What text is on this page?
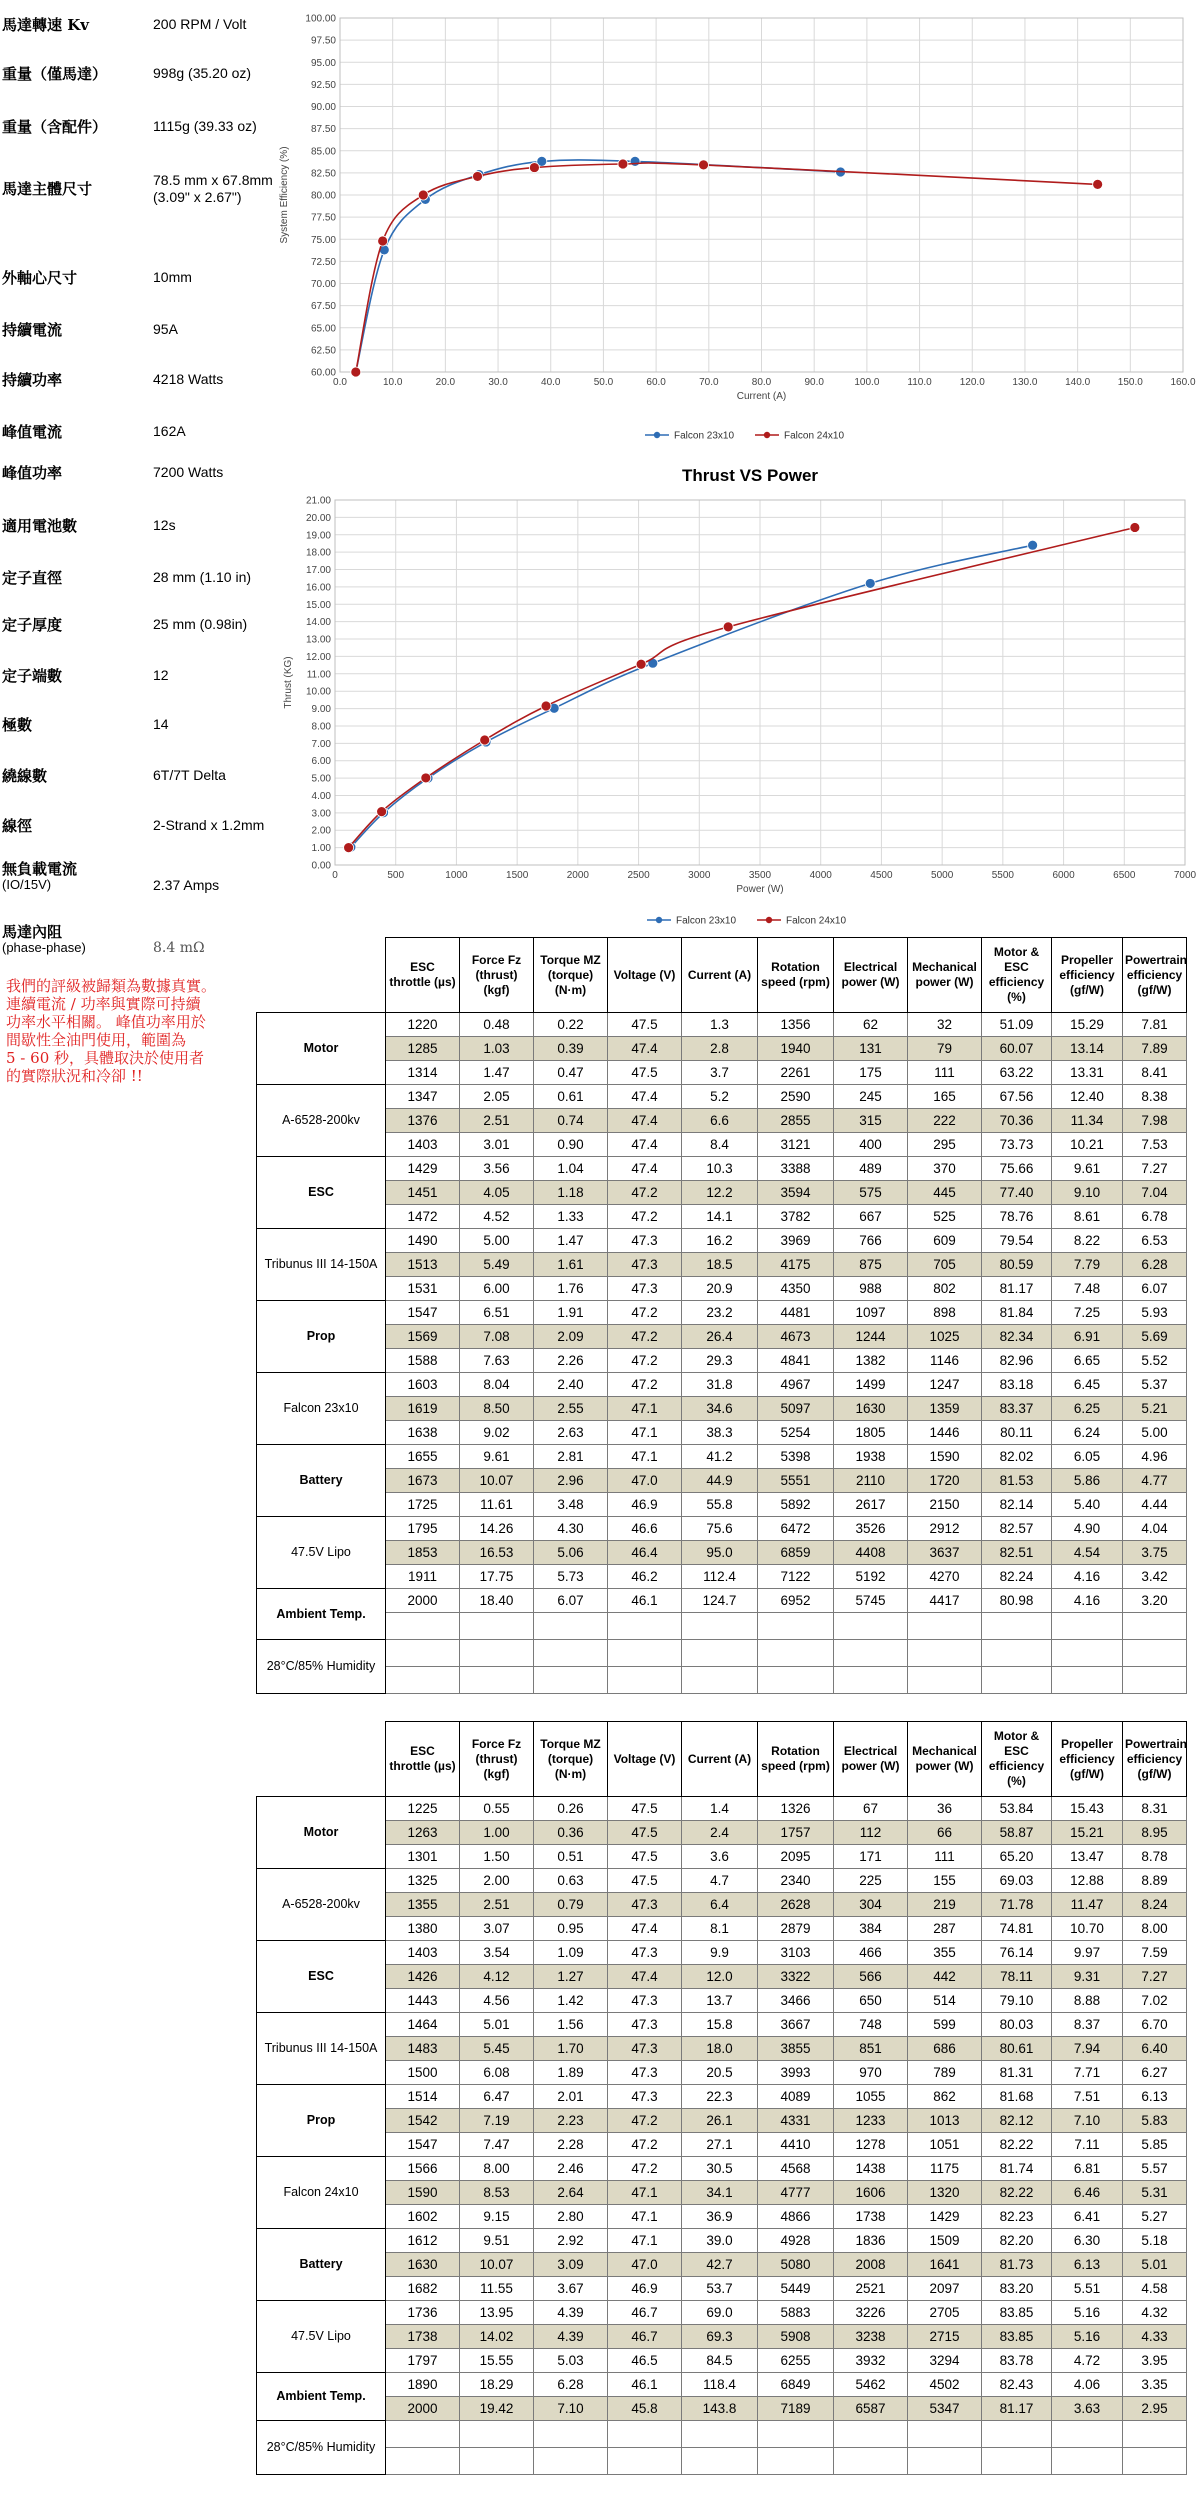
馬達轉速 Kv	200 RPM / Volt
重量（僅馬達）	998g (35.20 oz)
重量（含配件）	1115g (39.33 oz)
馬達主體尺寸	78.5 mm x 67.8mm
(3.09" x 2.67")
外軸心尺寸	10mm
持續電流	95A
持續功率	4218 Watts
峰值電流	162A
峰值功率	7200 Watts
適用電池數	12s
定子直徑	28 mm (1.10 in)
定子厚度	25 mm (0.98in)
定子端數	12
極數	14
繞線數	6T/7T Delta
線徑	2-Strand x 1.2mm
無負載電流
(IO/15V)	2.37 Amps
馬達內阻
(phase-phase)	8.4 mΩ
我們的評級被歸類為數據真實。
連續電流 / 功率與實際可持續
功率水平相關。 峰值功率用於
間歇性全油門使用，範圍為
5 - 60 秒，具體取決於使用者
的實際狀況和冷卻 !!
60.00
62.50
65.00
67.50
70.00
72.50
75.00
77.50
80.00
82.50
85.00
87.50
90.00
92.50
95.00
97.50
100.00
0.0	10.0	20.0	30.0	40.0	50.0	60.0	70.0	80.0	90.0	100.0	110.0	120.0	130.0	140.0	150.0	160.0
Current (A)
System Efficiency (%)
Falcon 23x10	Falcon 24x10
Thrust VS Power
0.00
1.00
2.00
3.00
4.00
5.00
6.00
7.00
8.00
9.00
10.00
11.00
12.00
13.00
14.00
15.00
16.00
17.00
18.00
19.00
20.00
21.00
0	500	1000	1500	2000	2500	3000	3500	4000	4500	5000	5500	6000	6500	7000
Power (W)
Thrust (KG)
Falcon 23x10	Falcon 24x10
	ESC throttle (µs)	Force Fz (thrust) (kgf)	Torque MZ (torque) (N·m)	Voltage (V)	Current (A)	Rotation speed (rpm)	Electrical power (W)	Mechanical power (W)	Motor & ESC efficiency (%)	Propeller efficiency (gf/W)	Powertrain efficiency (gf/W)
Motor	1220	0.48	0.22	47.5	1.3	1356	62	32	51.09	15.29	7.81
	1285	1.03	0.39	47.4	2.8	1940	131	79	60.07	13.14	7.89
	1314	1.47	0.47	47.5	3.7	2261	175	111	63.22	13.31	8.41
A-6528-200kv	1347	2.05	0.61	47.4	5.2	2590	245	165	67.56	12.40	8.38
	1376	2.51	0.74	47.4	6.6	2855	315	222	70.36	11.34	7.98
	1403	3.01	0.90	47.4	8.4	3121	400	295	73.73	10.21	7.53
ESC	1429	3.56	1.04	47.4	10.3	3388	489	370	75.66	9.61	7.27
	1451	4.05	1.18	47.2	12.2	3594	575	445	77.40	9.10	7.04
	1472	4.52	1.33	47.2	14.1	3782	667	525	78.76	8.61	6.78
Tribunus III 14-150A	1490	5.00	1.47	47.3	16.2	3969	766	609	79.54	8.22	6.53
	1513	5.49	1.61	47.3	18.5	4175	875	705	80.59	7.79	6.28
	1531	6.00	1.76	47.3	20.9	4350	988	802	81.17	7.48	6.07
Prop	1547	6.51	1.91	47.2	23.2	4481	1097	898	81.84	7.25	5.93
	1569	7.08	2.09	47.2	26.4	4673	1244	1025	82.34	6.91	5.69
	1588	7.63	2.26	47.2	29.3	4841	1382	1146	82.96	6.65	5.52
Falcon 23x10	1603	8.04	2.40	47.2	31.8	4967	1499	1247	83.18	6.45	5.37
	1619	8.50	2.55	47.1	34.6	5097	1630	1359	83.37	6.25	5.21
	1638	9.02	2.63	47.1	38.3	5254	1805	1446	80.11	6.24	5.00
Battery	1655	9.61	2.81	47.1	41.2	5398	1938	1590	82.02	6.05	4.96
	1673	10.07	2.96	47.0	44.9	5551	2110	1720	81.53	5.86	4.77
	1725	11.61	3.48	46.9	55.8	5892	2617	2150	82.14	5.40	4.44
47.5V Lipo	1795	14.26	4.30	46.6	75.6	6472	3526	2912	82.57	4.90	4.04
	1853	16.53	5.06	46.4	95.0	6859	4408	3637	82.51	4.54	3.75
	1911	17.75	5.73	46.2	112.4	7122	5192	4270	82.24	4.16	3.42
Ambient Temp.	2000	18.40	6.07	46.1	124.7	6952	5745	4417	80.98	4.16	3.20

28°C/85% Humidity											

	ESC throttle (µs)	Force Fz (thrust) (kgf)	Torque MZ (torque) (N·m)	Voltage (V)	Current (A)	Rotation speed (rpm)	Electrical power (W)	Mechanical power (W)	Motor & ESC efficiency (%)	Propeller efficiency (gf/W)	Powertrain efficiency (gf/W)
Motor	1225	0.55	0.26	47.5	1.4	1326	67	36	53.84	15.43	8.31
	1263	1.00	0.36	47.5	2.4	1757	112	66	58.87	15.21	8.95
	1301	1.50	0.51	47.5	3.6	2095	171	111	65.20	13.47	8.78
A-6528-200kv	1325	2.00	0.63	47.5	4.7	2340	225	155	69.03	12.88	8.89
	1355	2.51	0.79	47.3	6.4	2628	304	219	71.78	11.47	8.24
	1380	3.07	0.95	47.4	8.1	2879	384	287	74.81	10.70	8.00
ESC	1403	3.54	1.09	47.3	9.9	3103	466	355	76.14	9.97	7.59
	1426	4.12	1.27	47.4	12.0	3322	566	442	78.11	9.31	7.27
	1443	4.56	1.42	47.3	13.7	3466	650	514	79.10	8.88	7.02
Tribunus III 14-150A	1464	5.01	1.56	47.3	15.8	3667	748	599	80.03	8.37	6.70
	1483	5.45	1.70	47.3	18.0	3855	851	686	80.61	7.94	6.40
	1500	6.08	1.89	47.3	20.5	3993	970	789	81.31	7.71	6.27
Prop	1514	6.47	2.01	47.3	22.3	4089	1055	862	81.68	7.51	6.13
	1542	7.19	2.23	47.2	26.1	4331	1233	1013	82.12	7.10	5.83
	1547	7.47	2.28	47.2	27.1	4410	1278	1051	82.22	7.11	5.85
Falcon 24x10	1566	8.00	2.46	47.2	30.5	4568	1438	1175	81.74	6.81	5.57
	1590	8.53	2.64	47.1	34.1	4777	1606	1320	82.22	6.46	5.31
	1602	9.15	2.80	47.1	36.9	4866	1738	1429	82.23	6.41	5.27
Battery	1612	9.51	2.92	47.1	39.0	4928	1836	1509	82.20	6.30	5.18
	1630	10.07	3.09	47.0	42.7	5080	2008	1641	81.73	6.13	5.01
	1682	11.55	3.67	46.9	53.7	5449	2521	2097	83.20	5.51	4.58
47.5V Lipo	1736	13.95	4.39	46.7	69.0	5883	3226	2705	83.85	5.16	4.32
	1738	14.02	4.39	46.7	69.3	5908	3238	2715	83.85	5.16	4.33
	1797	15.55	5.03	46.5	84.5	6255	3932	3294	83.78	4.72	3.95
Ambient Temp.	1890	18.29	6.28	46.1	118.4	6849	5462	4502	82.43	4.06	3.35
	2000	19.42	7.10	45.8	143.8	7189	6587	5347	81.17	3.63	2.95
28°C/85% Humidity											
